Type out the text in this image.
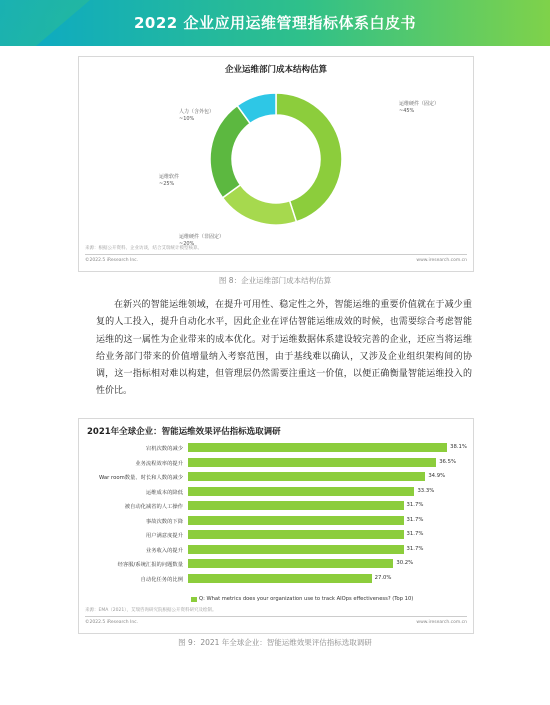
2022 企业应用运维管理指标体系白皮书
企业运维部门成本结构估算
运维硬件（固定）
~45%
运维硬件（非固定）
~20%
运维软件
~25%
人力（含外包）
~10%
来源：根据公开资料、企业访谈，结合艾瑞统计模型核算。
©2022.5 iResearch Inc.	www.iresearch.com.cn
图 8：企业运维部门成本结构估算
在新兴的智能运维领域，在提升可用性、稳定性之外，智能运维的重要价值就在于减少重复的人工投入，提升自动化水平，因此企业在评估智能运维成效的时候，也需要综合考虑智能运维的这一属性为企业带来的成本优化。对于运维数据体系建设较完善的企业，还应当将运维给业务部门带来的价值增量纳入考察范围，由于基线难以确认，又涉及企业组织架构间的协调，这一指标相对难以构建，但管理层仍然需要注重这一价值，以便正确衡量智能运维投入的性价比。
2021年全球企业：智能运维效果评估指标选取调研
宕机次数的减少	38.1%
业务流程效率的提升	36.5%
War room数量、时长和人数的减少	34.9%
运维成本的降低	33.3%
被自动化减省的人工操作	31.7%
事故次数的下降	31.7%
用户满意度提升	31.7%
业务收入的提升	31.7%
经客服/系统汇报的问题数量	30.2%
自动化任务的比例	27.0%
Q: What metrics does your organization use to track AIOps effectiveness? (Top 10)
来源：EMA（2021），艾瑞咨询研究院根据公开资料研究及绘制。
©2022.5 iResearch Inc.	www.iresearch.com.cn
图 9：2021 年全球企业：智能运维效果评估指标选取调研
